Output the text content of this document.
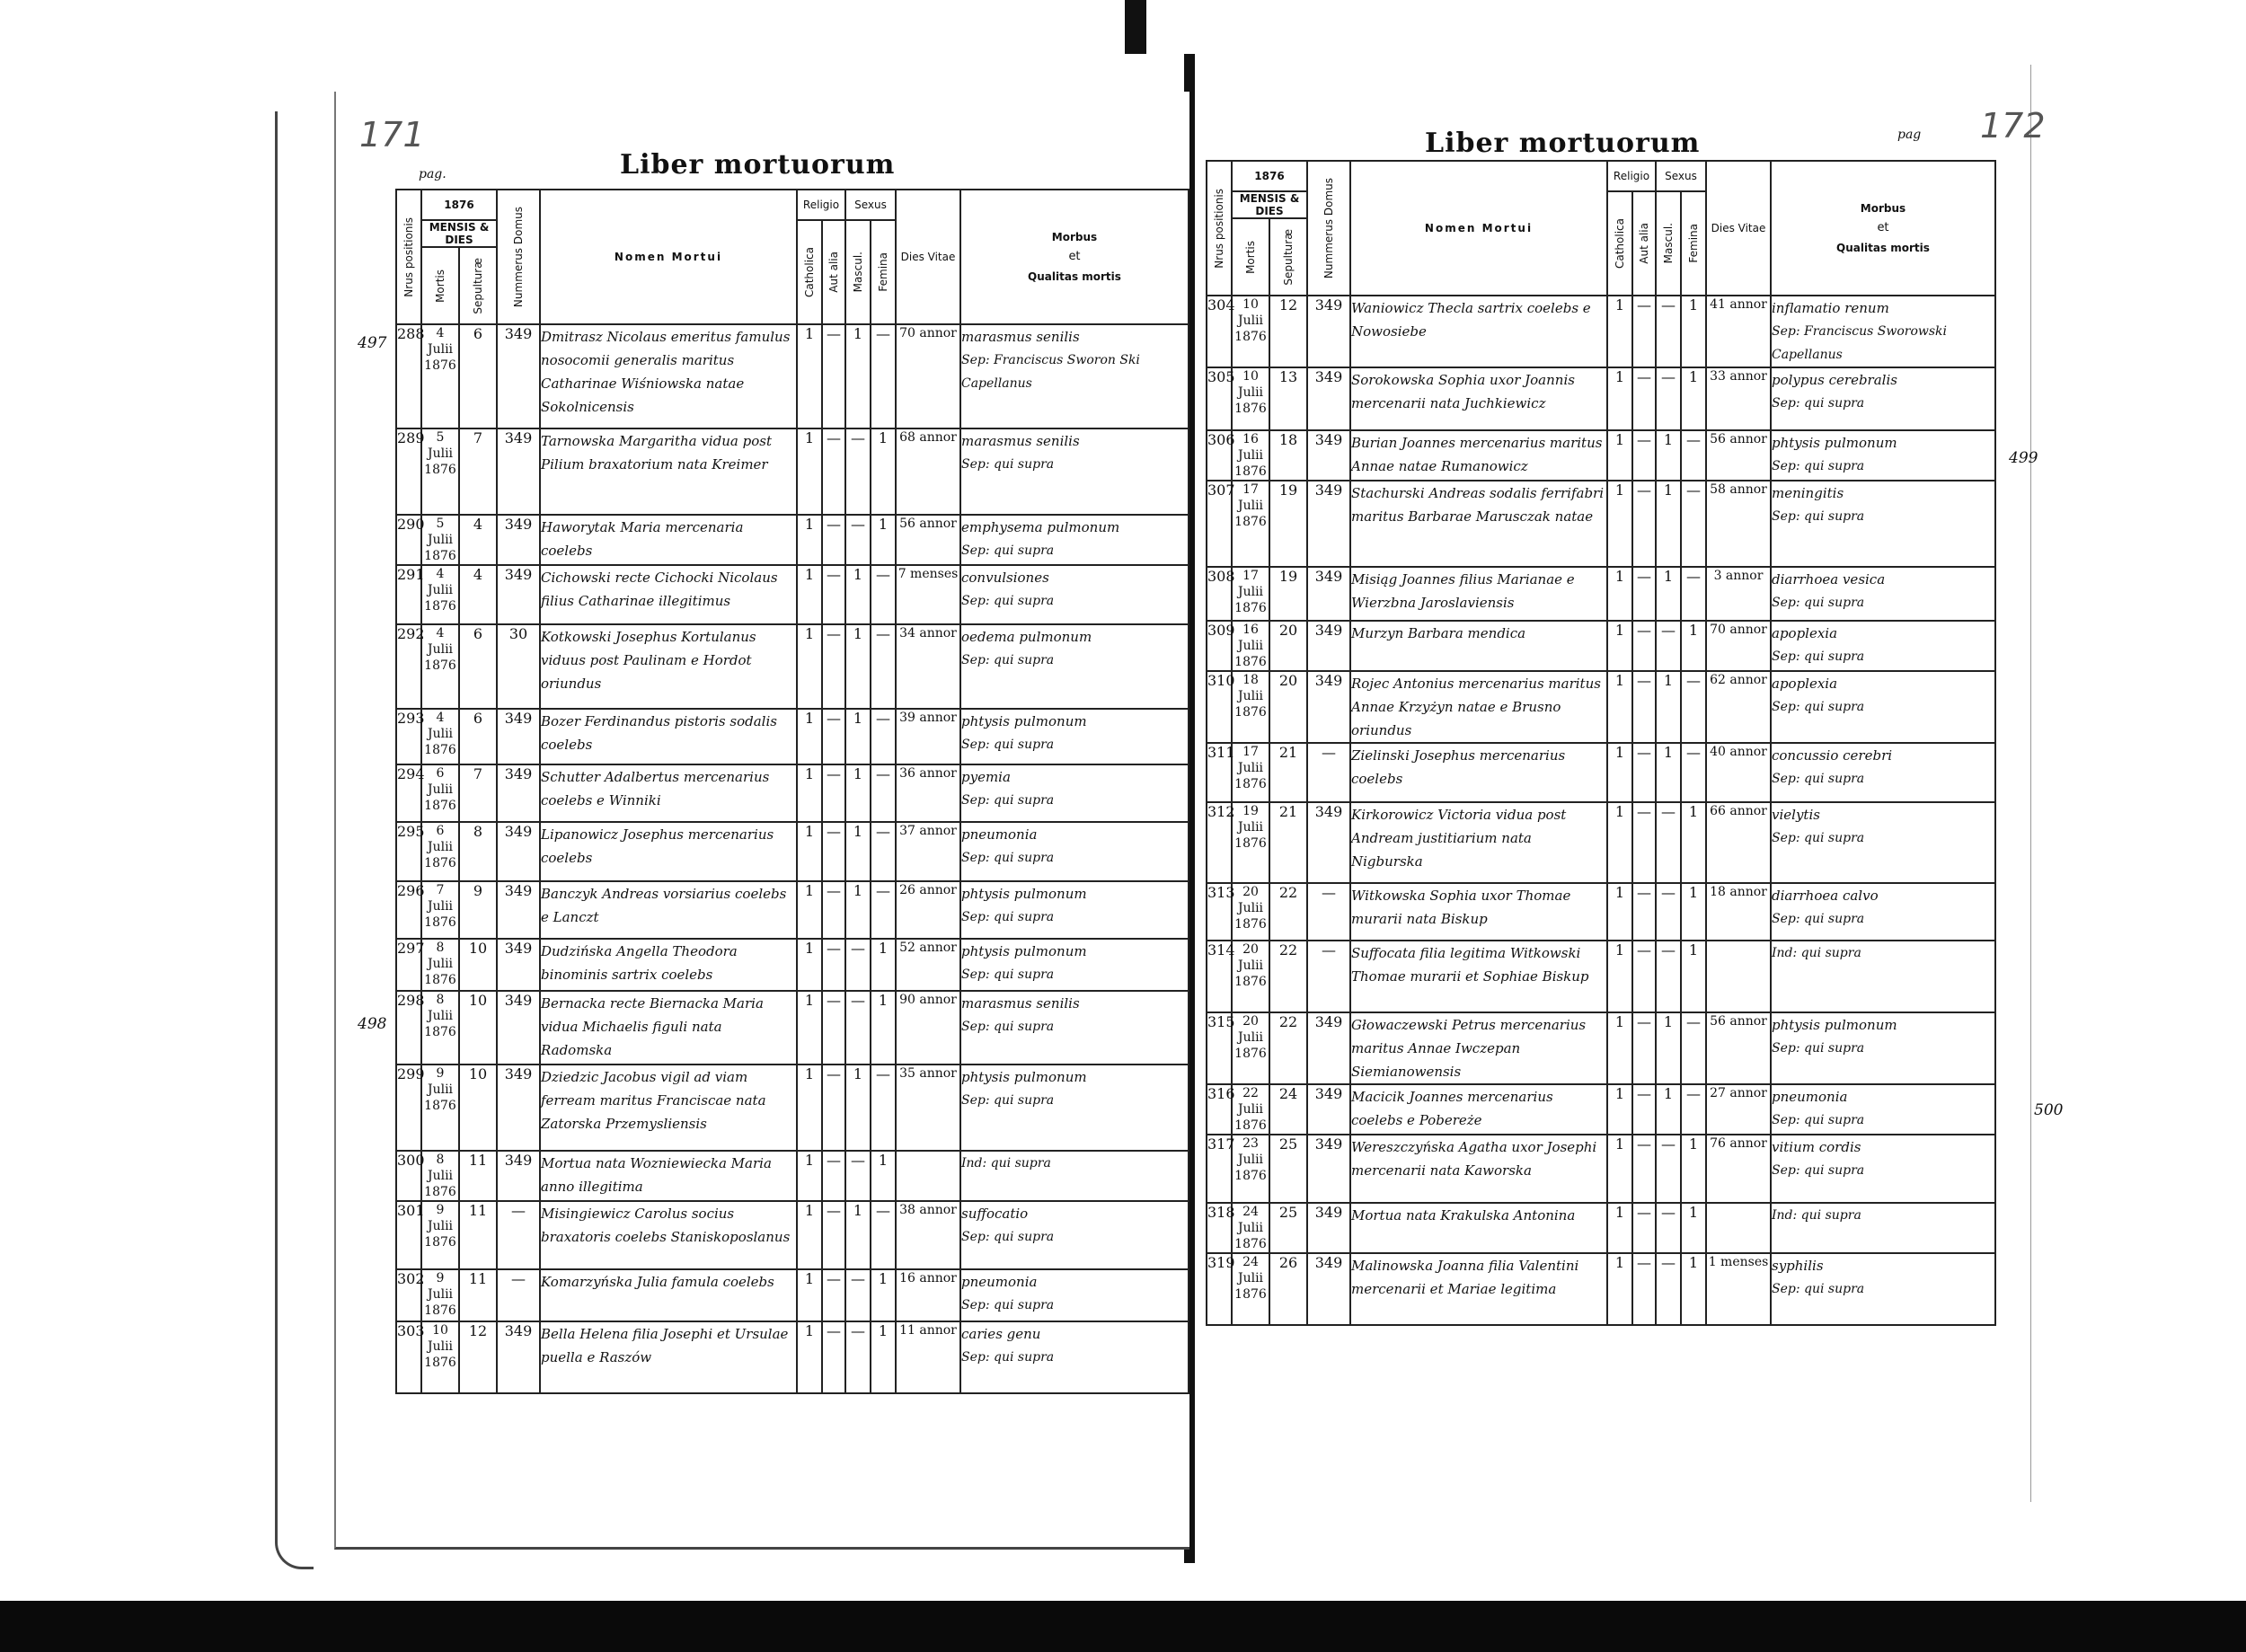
171
pag.	Liber mortuorum
Nrus positionis	1876		Nummerus Domus	Nomen Mortui	Religio		Sexus		Dies Vitae	Morbus
et
Qualitas mortis

	MENSIS & DIES				Catholica	Aut alia	Mascul.	Femina		

	Mortis	Sepulturæ								

288	4 Julii 1876	6	349	Dmitrasz Nicolaus emeritus famulus nosocomii generalis maritus Catharinae Wiśniowska natae Sokolnicensis	1	—	1	—	70 annor	marasmus senilis
Sep: Franciscus Sworon Ski Capellanus

289	5 Julii 1876	7	349	Tarnowska Margaritha vidua post Pilium braxatorium nata Kreimer	1	—	—	1	68 annor	marasmus senilis
Sep: qui supra

290	5 Julii 1876	4	349	Haworytak Maria mercenaria coelebs	1	—	—	1	56 annor	emphysema pulmonum
Sep: qui supra

291	4 Julii 1876	4	349	Cichowski recte Cichocki Nicolaus filius Catharinae illegitimus	1	—	1	—	7 menses	convulsiones
Sep: qui supra

292	4 Julii 1876	6	30	Kotkowski Josephus Kortulanus viduus post Paulinam e Hordot oriundus	1	—	1	—	34 annor	oedema pulmonum
Sep: qui supra

293	4 Julii 1876	6	349	Bozer Ferdinandus pistoris sodalis coelebs	1	—	1	—	39 annor	phtysis pulmonum
Sep: qui supra

294	6 Julii 1876	7	349	Schutter Adalbertus mercenarius coelebs e Winniki	1	—	1	—	36 annor	pyemia
Sep: qui supra

295	6 Julii 1876	8	349	Lipanowicz Josephus mercenarius coelebs	1	—	1	—	37 annor	pneumonia
Sep: qui supra

296	7 Julii 1876	9	349	Banczyk Andreas vorsiarius coelebs e Lanczt	1	—	1	—	26 annor	phtysis pulmonum
Sep: qui supra

297	8 Julii 1876	10	349	Dudzińska Angella Theodora binominis sartrix coelebs	1	—	—	1	52 annor	phtysis pulmonum
Sep: qui supra

298	8 Julii 1876	10	349	Bernacka recte Biernacka Maria vidua Michaelis figuli nata Radomska	1	—	—	1	90 annor	marasmus senilis
Sep: qui supra

299	9 Julii 1876	10	349	Dziedzic Jacobus vigil ad viam ferream maritus Franciscae nata Zatorska Przemysliensis	1	—	1	—	35 annor	phtysis pulmonum
Sep: qui supra

300	8 Julii 1876	11	349	Mortua nata Wozniewiecka Maria anno illegitima	1	—	—	1		Ind: qui supra

301	9 Julii 1876	11	—	Misingiewicz Carolus socius braxatoris coelebs Staniskoposlanus	1	—	1	—	38 annor	suffocatio
Sep: qui supra

302	9 Julii 1876	11	—	Komarzyńska Julia famula coelebs	1	—	—	1	16 annor	pneumonia
Sep: qui supra

303	10 Julii 1876	12	349	Bella Helena filia Josephi et Ursulae puella e Raszów	1	—	—	1	11 annor	caries genu
Sep: qui supra
172
pag
Liber mortuorum
Nrus positionis	1876		Nummerus Domus	Nomen Mortui	Religio		Sexus		Dies Vitae	Morbus
et
Qualitas mortis

	MENSIS & DIES				Catholica	Aut alia	Mascul.	Femina		

	Mortis	Sepulturæ								

304	10 Julii 1876	12	349	Waniowicz Thecla sartrix coelebs e Nowosiebe	1	—	—	1	41 annor	inflamatio renum
Sep: Franciscus Sworowski Capellanus

305	10 Julii 1876	13	349	Sorokowska Sophia uxor Joannis mercenarii nata Juchkiewicz	1	—	—	1	33 annor	polypus cerebralis
Sep: qui supra

306	16 Julii 1876	18	349	Burian Joannes mercenarius maritus Annae natae Rumanowicz	1	—	1	—	56 annor	phtysis pulmonum
Sep: qui supra

307	17 Julii 1876	19	349	Stachurski Andreas sodalis ferrifabri maritus Barbarae Marusczak natae	1	—	1	—	58 annor	meningitis
Sep: qui supra

308	17 Julii 1876	19	349	Misiąg Joannes filius Marianae e Wierzbna Jaroslaviensis	1	—	1	—	3 annor	diarrhoea vesica
Sep: qui supra

309	16 Julii 1876	20	349	Murzyn Barbara mendica	1	—	—	1	70 annor	apoplexia
Sep: qui supra

310	18 Julii 1876	20	349	Rojec Antonius mercenarius maritus Annae Krzyżyn natae e Brusno oriundus	1	—	1	—	62 annor	apoplexia
Sep: qui supra

311	17 Julii 1876	21	—	Zielinski Josephus mercenarius coelebs	1	—	1	—	40 annor	concussio cerebri
Sep: qui supra

312	19 Julii 1876	21	349	Kirkorowicz Victoria vidua post Andream justitiarium nata Nigburska	1	—	—	1	66 annor	vielytis
Sep: qui supra

313	20 Julii 1876	22	—	Witkowska Sophia uxor Thomae murarii nata Biskup	1	—	—	1	18 annor	diarrhoea calvo
Sep: qui supra

314	20 Julii 1876	22	—	Suffocata filia legitima Witkowski Thomae murarii et Sophiae Biskup	1	—	—	1		Ind: qui supra

315	20 Julii 1876	22	349	Głowaczewski Petrus mercenarius maritus Annae Iwczepan Siemianowensis	1	—	1	—	56 annor	phtysis pulmonum
Sep: qui supra

316	22 Julii 1876	24	349	Macicik Joannes mercenarius coelebs e Pobereże	1	—	1	—	27 annor	pneumonia
Sep: qui supra

317	23 Julii 1876	25	349	Wereszczyńska Agatha uxor Josephi mercenarii nata Kaworska	1	—	—	1	76 annor	vitium cordis
Sep: qui supra

318	24 Julii 1876	25	349	Mortua nata Krakulska Antonina	1	—	—	1		Ind: qui supra

319	24 Julii 1876	26	349	Malinowska Joanna filia Valentini mercenarii et Mariae legitima	1	—	—	1	1 menses	syphilis
Sep: qui supra
497
498
499
500
